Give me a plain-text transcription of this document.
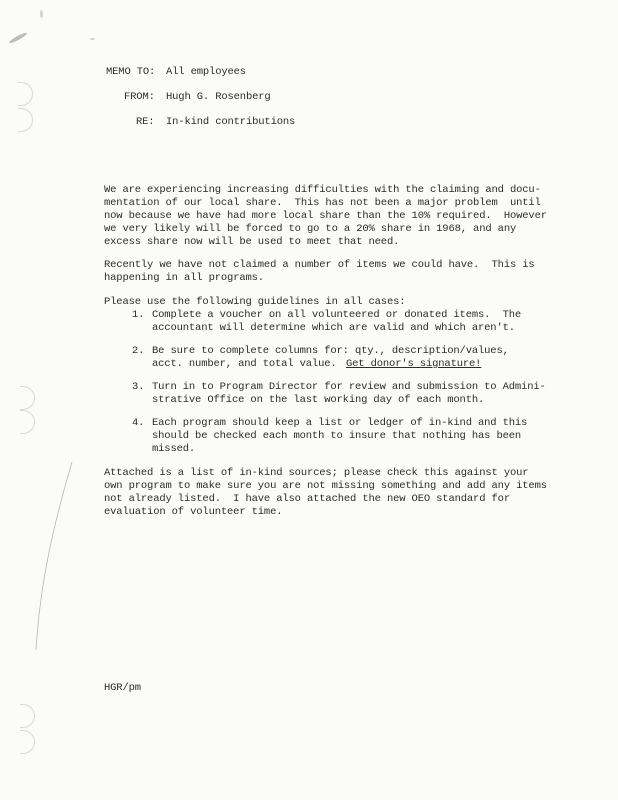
MEMO TO: All employees
FROM: Hugh G. Rosenberg
RE: In-kind contributions
We are experiencing increasing difficulties with the claiming and docu-
mentation of our local share.  This has not been a major problem  until
now because we have had more local share than the 10% required.  However
we very likely will be forced to go to a 20% share in 1968, and any
excess share now will be used to meet that need.
Recently we have not claimed a number of items we could have.  This is
happening in all programs.
Please use the following guidelines in all cases:
1. Complete a voucher on all volunteered or donated items.  The
accountant will determine which are valid and which aren't.
2. Be sure to complete columns for: qty., description/values,
acct. number, and total value. Get donor's signature!
3. Turn in to Program Director for review and submission to Admini-
strative Office on the last working day of each month.
4. Each program should keep a list or ledger of in-kind and this
should be checked each month to insure that nothing has been
missed.
Attached is a list of in-kind sources; please check this against your
own program to make sure you are not missing something and add any items
not already listed.  I have also attached the new OEO standard for
evaluation of volunteer time.
HGR/pm
